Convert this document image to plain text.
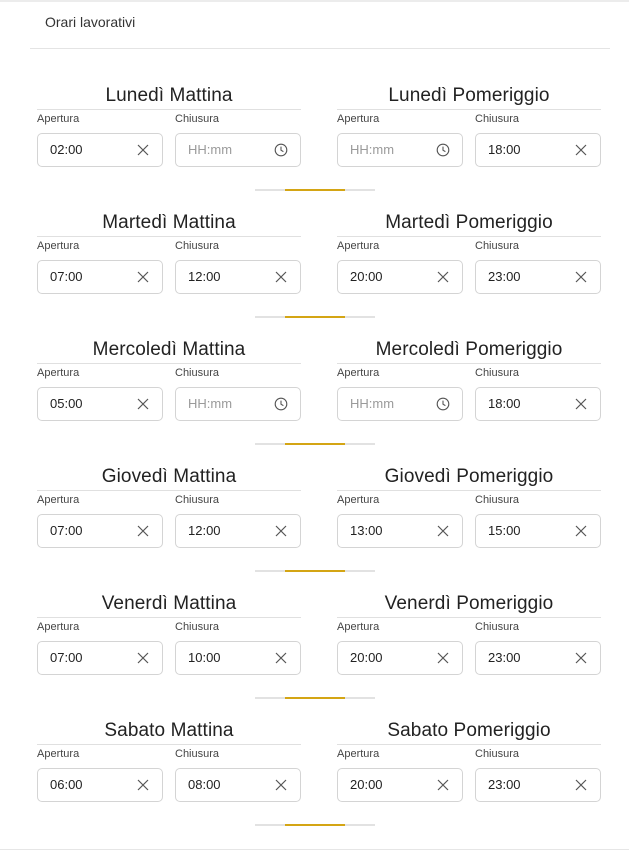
Orari lavorativi
Lunedì Mattina
Apertura
02:00
Chiusura
HH:mm
Lunedì Pomeriggio
Apertura
HH:mm
Chiusura
18:00
Martedì Mattina
Apertura
07:00
Chiusura
12:00
Martedì Pomeriggio
Apertura
20:00
Chiusura
23:00
Mercoledì Mattina
Apertura
05:00
Chiusura
HH:mm
Mercoledì Pomeriggio
Apertura
HH:mm
Chiusura
18:00
Giovedì Mattina
Apertura
07:00
Chiusura
12:00
Giovedì Pomeriggio
Apertura
13:00
Chiusura
15:00
Venerdì Mattina
Apertura
07:00
Chiusura
10:00
Venerdì Pomeriggio
Apertura
20:00
Chiusura
23:00
Sabato Mattina
Apertura
06:00
Chiusura
08:00
Sabato Pomeriggio
Apertura
20:00
Chiusura
23:00
